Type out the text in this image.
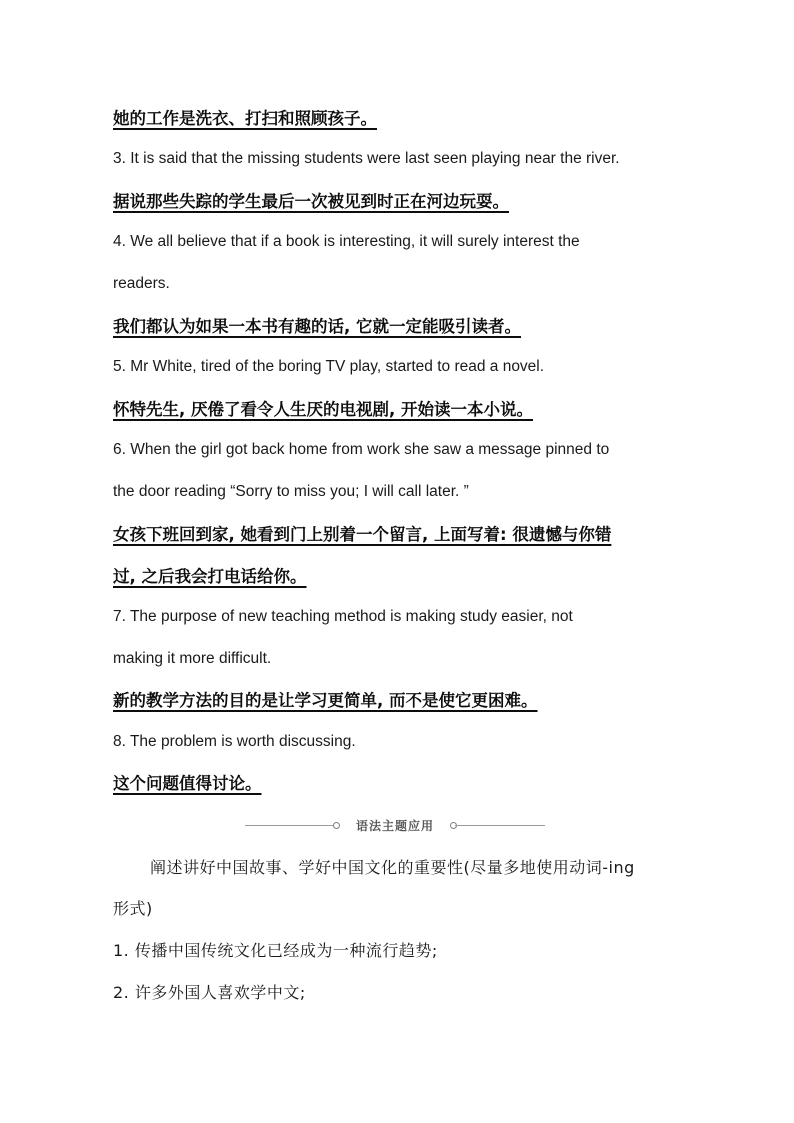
她的工作是洗衣、打扫和照顾孩子。
3. It is said that the missing students were last seen playing near the river.
据说那些失踪的学生最后一次被见到时正在河边玩耍。
4. We all believe that if a book is interesting, it will surely interest the
readers.
我们都认为如果一本书有趣的话, 它就一定能吸引读者。
5. Mr White, tired of the boring TV play, started to read a novel.
怀特先生, 厌倦了看令人生厌的电视剧, 开始读一本小说。
6. When the girl got back home from work she saw a message pinned to
the door reading “Sorry to miss you; I will call later. ”
女孩下班回到家, 她看到门上别着一个留言, 上面写着: 很遗憾与你错
过, 之后我会打电话给你。
7. The purpose of new teaching method is making study easier, not
making it more difficult.
新的教学方法的目的是让学习更简单, 而不是使它更困难。
8. The problem is worth discussing.
这个问题值得讨论。
语法主题应用
阐述讲好中国故事、学好中国文化的重要性(尽量多地使用动词-ing
形式)
1. 传播中国传统文化已经成为一种流行趋势;
2. 许多外国人喜欢学中文;
